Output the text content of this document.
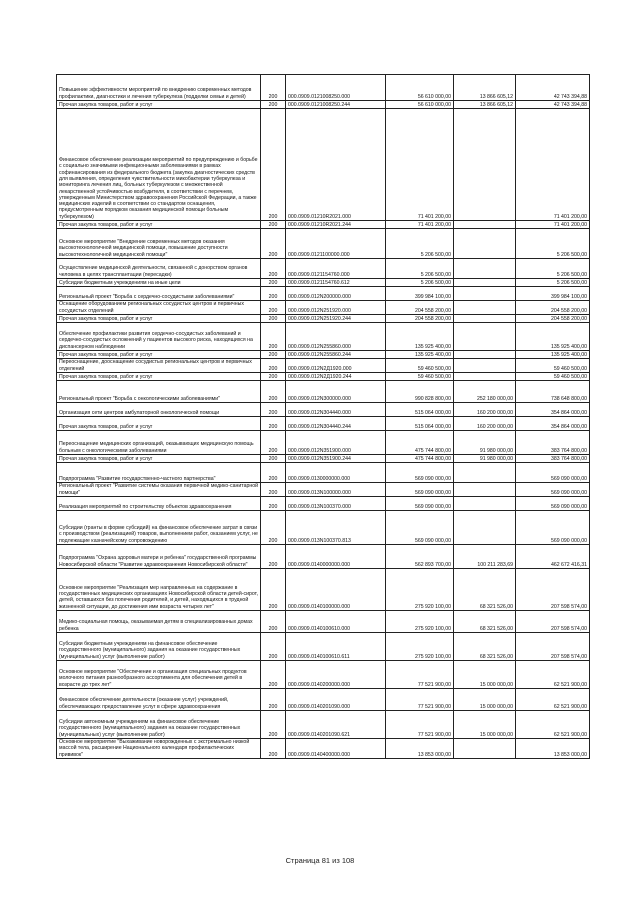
Повышение эффективности мероприятий по внедрению современных методов профилактики, диагностики и лечения туберкулеза (подделки семьи и детей)	200	000.0909.0121008250.000	56 610 000,00	13 866 605,12	42 743 394,88
Прочая закупка товаров, работ и услуг	200	000.0909.0121008250.244	56 610 000,00	13 866 605,12	42 743 394,88
Финансовое обеспечение реализации мероприятий по предупреждению и борьбе с социально значимыми инфекционными заболеваниями в рамках софинансирования из федерального бюджета (закупка диагностических средств для выявления, определения чувствительности микобактерии туберкулеза и мониторинга лечения лиц, больных туберкулезом с множественной лекарственной устойчивостью возбудителя, в соответствии с перечнем, утвержденным Министерством здравоохранения Российской Федерации, а также медицинских изделий в соответствии со стандартом оснащения, предусмотренным порядком оказания медицинской помощи больным туберкулезом)	200	000.0909.01210R2021.000	71 401 200,00		71 401 200,00
Прочая закупка товаров, работ и услуг	200	000.0909.01210R2021.244	71 401 200,00		71 401 200,00
Основное мероприятие "Внедрение современных методов оказания высокотехнологичной медицинской помощи, повышение доступности высокотехнологичной медицинской помощи"	200	000.0909.0121100000.000	5 206 500,00		5 206 500,00
Осуществление медицинской деятельности, связанной с донорством органов человека в целях трансплантации (пересадки)	200	000.0909.0121154760.000	5 206 500,00		5 206 500,00
Субсидии бюджетным учреждениям на иные цели	200	000.0909.0121154760.612	5 206 500,00		5 206 500,00
Региональный проект "Борьба с сердечно-сосудистыми заболеваниями"	200	000.0909.012N200000.000	399 984 100,00		399 984 100,00
Оснащение оборудованием региональных сосудистых центров и первичных сосудистых отделений	200	000.0909.012N251920.000	204 558 200,00		204 558 200,00
Прочая закупка товаров, работ и услуг	200	000.0909.012N251920.244	204 558 200,00		204 558 200,00
Обеспечение профилактики развития сердечно-сосудистых заболеваний и сердечно-сосудистых осложнений у пациентов высокого риска, находящихся на диспансерном наблюдении	200	000.0909.012N255860.000	135 925 400,00		135 925 400,00
Прочая закупка товаров, работ и услуг	200	000.0909.012N255860.244	135 925 400,00		135 925 400,00
Переоснащение, дооснащение сосудистых региональных центров и первичных отделений	200	000.0909.012N2Д1920.000	59 460 500,00		59 460 500,00
Прочая закупка товаров, работ и услуг	200	000.0909.012N2Д1920.244	59 460 500,00		59 460 500,00
Региональный проект "Борьба с онкологическими заболеваниями"	200	000.0909.012N300000.000	990 828 800,00	252 180 000,00	738 648 800,00
Организация сети центров амбулаторной онкологической помощи	200	000.0909.012N304440.000	515 064 000,00	160 200 000,00	354 864 000,00
Прочая закупка товаров, работ и услуг	200	000.0909.012N304440.244	515 064 000,00	160 200 000,00	354 864 000,00
Переоснащение медицинских организаций, оказывающих медицинскую помощь больным с онкологическими заболеваниями	200	000.0909.012N351900.000	475 744 800,00	91 980 000,00	383 764 800,00
Прочая закупка товаров, работ и услуг	200	000.0909.012N351900.244	475 744 800,00	91 980 000,00	383 764 800,00
Подпрограмма "Развитие государственно-частного партнерства"	200	000.0909.0130000000.000	569 090 000,00		569 090 000,00
Региональный проект "Развитие системы оказания первичной медико-санитарной помощи"	200	000.0909.013N100000.000	569 090 000,00		569 090 000,00
Реализация мероприятий по строительству объектов здравоохранения	200	000.0909.013N100370.000	569 090 000,00		569 090 000,00
Субсидии (гранты в форме субсидий) на финансовое обеспечение затрат в связи с производством (реализацией) товаров, выполнением работ, оказанием услуг, не подлежащие казначейскому сопровождению	200	000.0909.013N100370.813	569 090 000,00		569 090 000,00
Подпрограмма "Охрана здоровья матери и ребенка" государственной программы Новосибирской области "Развитие здравоохранения Новосибирской области"	200	000.0909.0140000000.000	562 893 700,00	100 211 283,69	462 672 416,31
Основное мероприятие "Реализация мер направленных на содержание в государственных медицинских организациях Новосибирской области детей-сирот, детей, оставшихся без попечения родителей, и детей, находящихся в трудной жизненной ситуации, до достижения ими возраста четырех лет"	200	000.0909.0140100000.000	275 920 100,00	68 321 526,00	207 598 574,00
Медико-социальная помощь, оказываемая детям в специализированных домах ребенка	200	000.0909.0140100610.000	275 920 100,00	68 321 526,00	207 598 574,00
Субсидии бюджетным учреждениям на финансовое обеспечение государственного (муниципального) задания на оказание государственных (муниципальных) услуг (выполнение работ)	200	000.0909.0140100610.611	275 920 100,00	68 321 526,00	207 598 574,00
Основное мероприятие "Обеспечение и организация специальных продуктов молочного питания разнообразного ассортимента для обеспечения детей в возрасте до трех лет"	200	000.0909.0140200000.000	77 521 900,00	15 000 000,00	62 521 900,00
Финансовое обеспечение деятельности (оказание услуг) учреждений, обеспечивающих предоставление услуг в сфере здравоохранения	200	000.0909.0140201090.000	77 521 900,00	15 000 000,00	62 521 900,00
Субсидии автономным учреждениям на финансовое обеспечение государственного (муниципального) задания на оказание государственных (муниципальных) услуг (выполнение работ)	200	000.0909.0140201090.621	77 521 900,00	15 000 000,00	62 521 900,00
Основное мероприятие "Выхаживание новорожденных с экстремально низкой массой тела, расширение Национального календаря профилактических прививок"	200	000.0909.0140400000.000	13 853 000,00		13 853 000,00
Страница 81 из 108
